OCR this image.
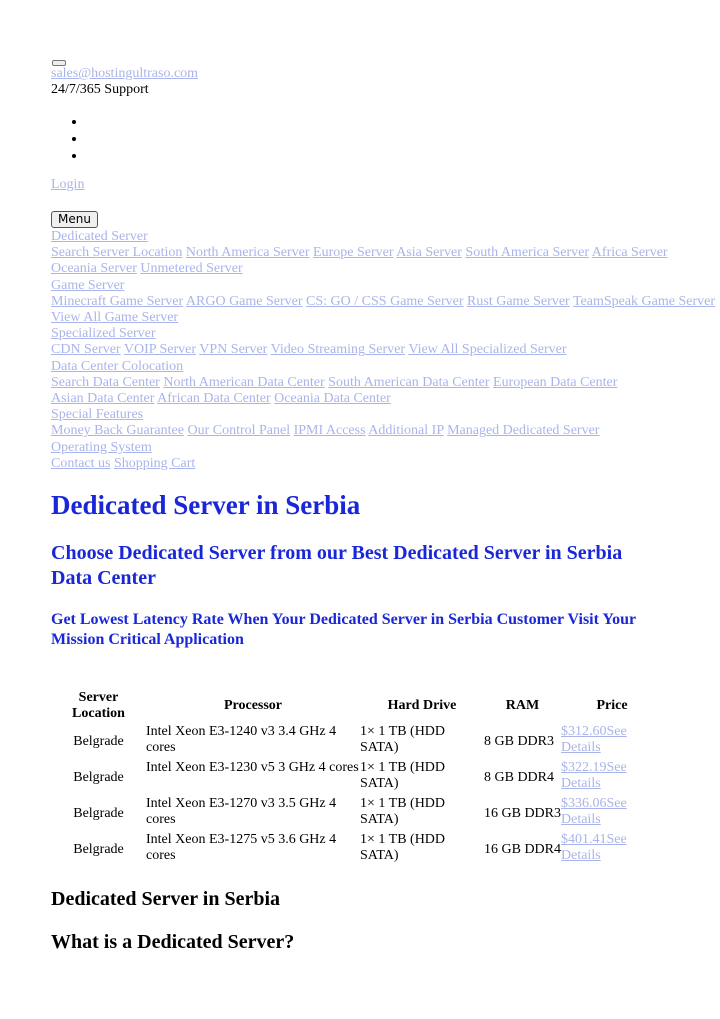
sales@hostingultraso.com
24/7/365 Support
Login
Menu
Dedicated Server
Search Server Location North America Server Europe Server Asia Server South America Server Africa Server
Oceania Server Unmetered Server
Game Server
Minecraft Game Server ARGO Game Server CS: GO / CSS Game Server Rust Game Server TeamSpeak Game Server
View All Game Server
Specialized Server
CDN Server VOIP Server VPN Server Video Streaming Server View All Specialized Server
Data Center Colocation
Search Data Center North American Data Center South American Data Center European Data Center
Asian Data Center African Data Center Oceania Data Center
Special Features
Money Back Guarantee Our Control Panel IPMI Access Additional IP Managed Dedicated Server
Operating System
Contact us Shopping Cart
Dedicated Server in Serbia
Choose Dedicated Server from our Best Dedicated Server in Serbia Data Center
Get Lowest Latency Rate When Your Dedicated Server in Serbia Customer Visit Your Mission Critical Application
Server Location	Processor	Hard Drive	RAM	Price
Belgrade	Intel Xeon E3-1240 v3 3.4 GHz 4 cores	1× 1 TB (HDD SATA)	8 GB DDR3	$312.60See Details
Belgrade	Intel Xeon E3-1230 v5 3 GHz 4 cores	1× 1 TB (HDD SATA)	8 GB DDR4	$322.19See Details
Belgrade	Intel Xeon E3-1270 v3 3.5 GHz 4 cores	1× 1 TB (HDD SATA)	16 GB DDR3	$336.06See Details
Belgrade	Intel Xeon E3-1275 v5 3.6 GHz 4 cores	1× 1 TB (HDD SATA)	16 GB DDR4	$401.41See Details
Dedicated Server in Serbia
What is a Dedicated Server?
